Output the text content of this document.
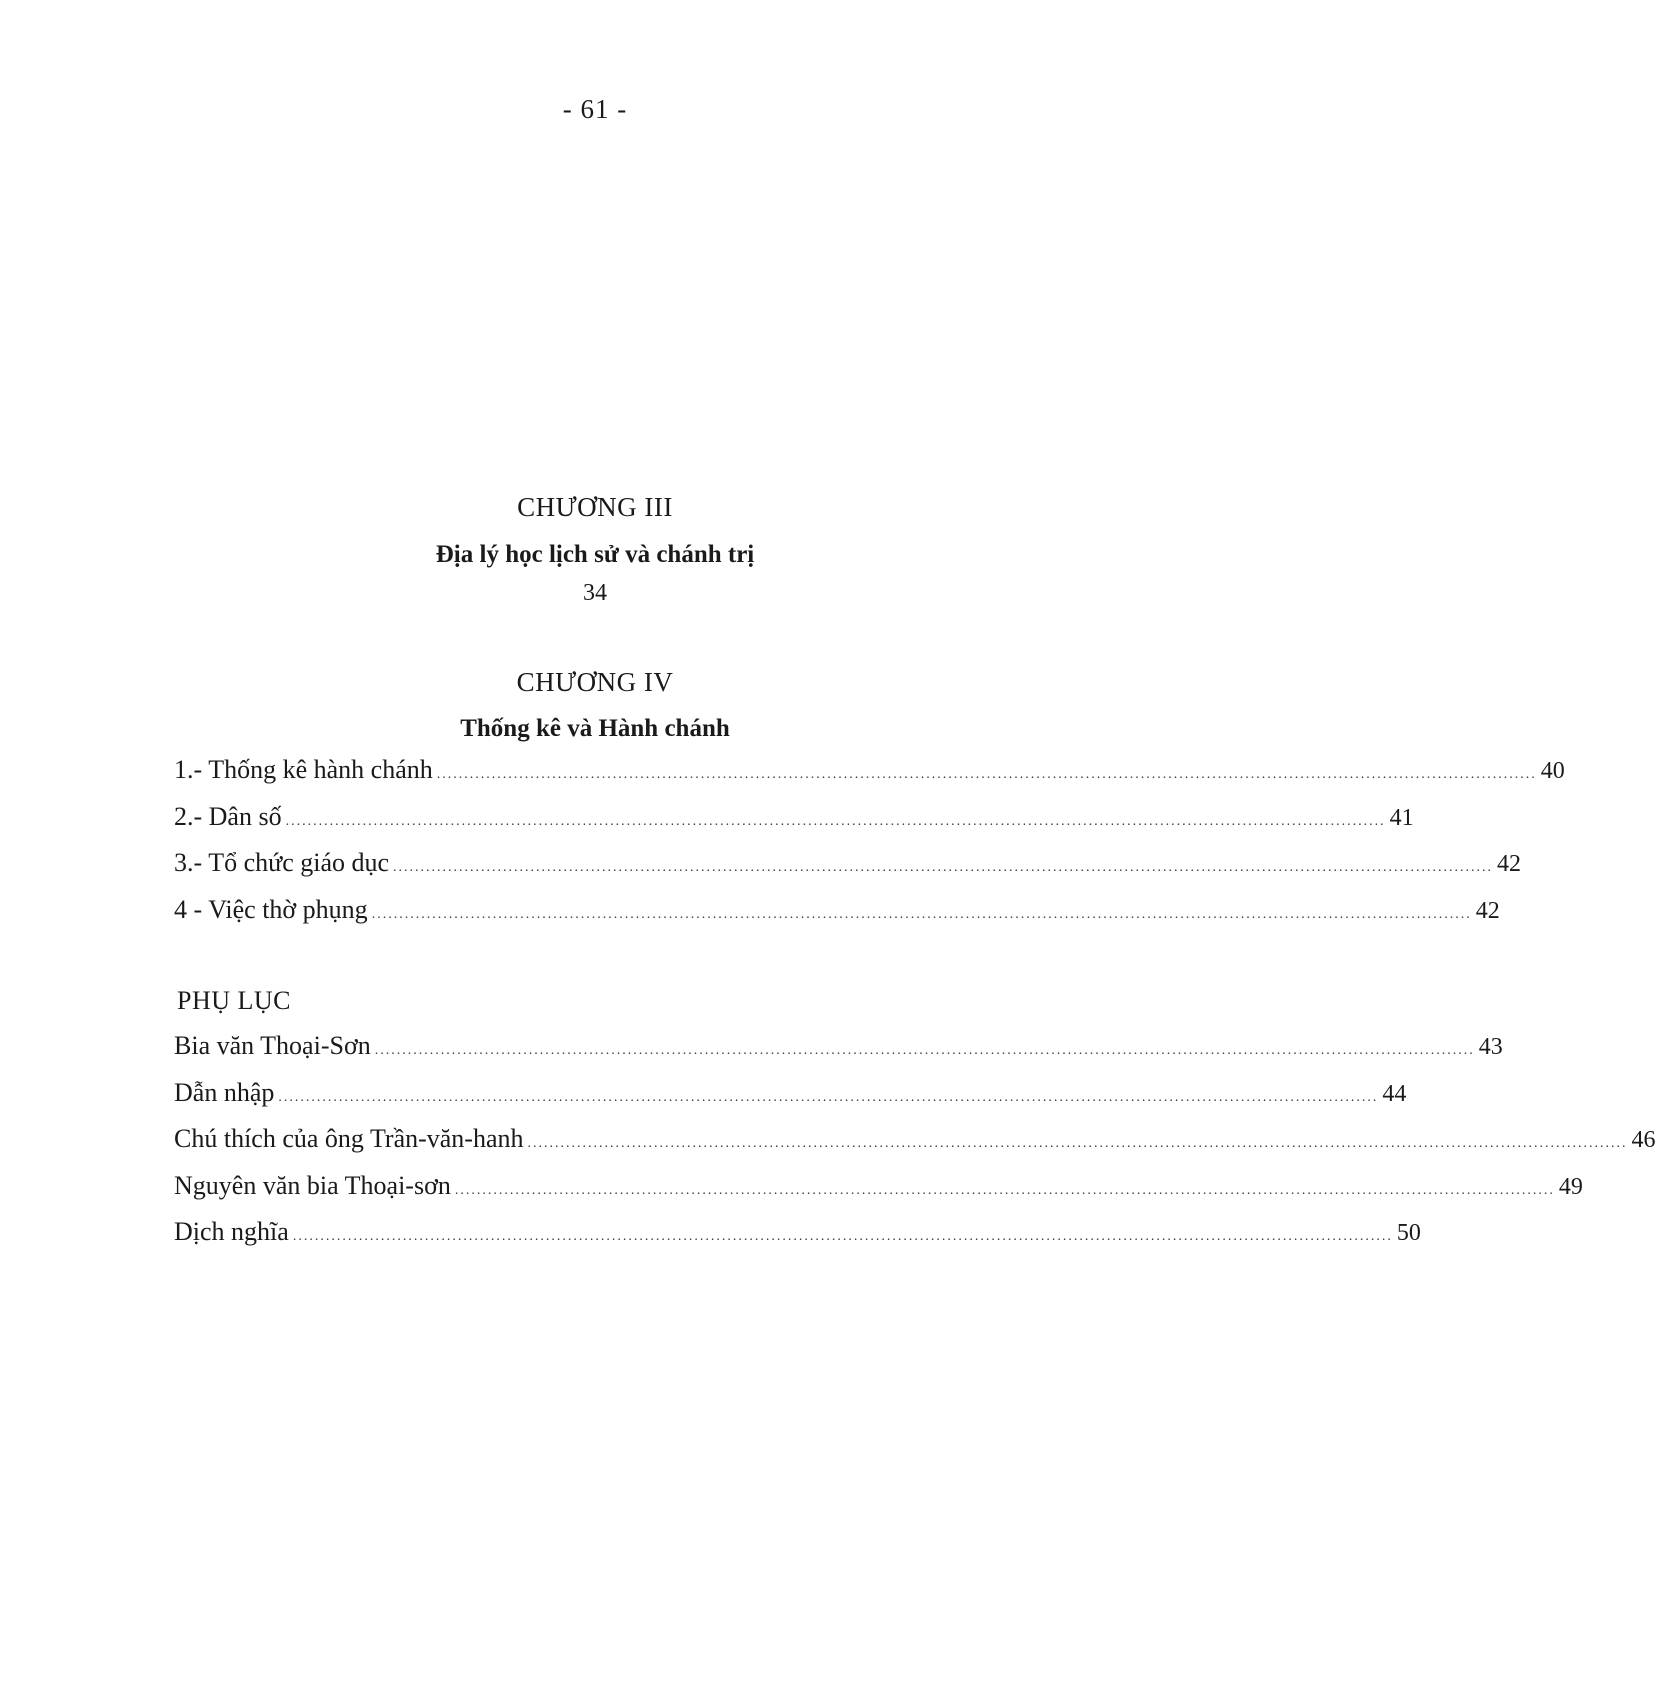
- 61 -
CHƯƠNG III
Địa lý học lịch sử và chánh trị
34
CHƯƠNG IV
Thống kê và Hành chánh
1.- Thống kê hành chánh ........................................................................................................................................................................................................ 40
2.- Dân số ........................................................................................................................................................................................................ 41
3.- Tổ chức giáo dục ........................................................................................................................................................................................................ 42
4 - Việc thờ phụng ........................................................................................................................................................................................................ 42
PHỤ LỤC
Bia văn Thoại-Sơn ........................................................................................................................................................................................................ 43
Dẫn nhập ........................................................................................................................................................................................................ 44
Chú thích của ông Trần-văn-hanh ........................................................................................................................................................................................................ 46
Nguyên văn bia Thoại-sơn ........................................................................................................................................................................................................ 49
Dịch nghĩa ........................................................................................................................................................................................................ 50
